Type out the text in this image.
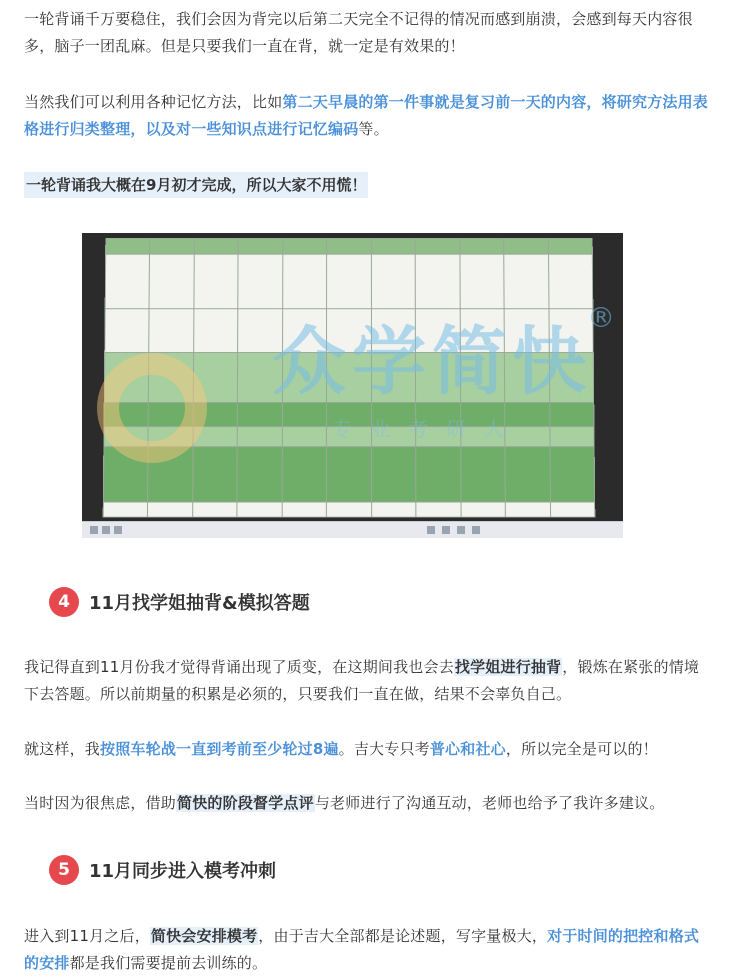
一轮背诵千万要稳住，我们会因为背完以后第二天完全不记得的情况而感到崩溃，会感到每天内容很多，脑子一团乱麻。但是只要我们一直在背，就一定是有效果的！

当然我们可以利用各种记忆方法，比如第二天早晨的第一件事就是复习前一天的内容，将研究方法用表格进行归类整理，以及对一些知识点进行记忆编码等。

一轮背诵我大概在9月初才完成，所以大家不用慌！

众学简快
®
专业考研人
4	11月找学姐抽背&模拟答题

我记得直到11月份我才觉得背诵出现了质变，在这期间我也会去找学姐进行抽背，锻炼在紧张的情境下去答题。所以前期量的积累是必须的，只要我们一直在做，结果不会辜负自己。

就这样，我按照车轮战一直到考前至少轮过8遍。吉大专只考普心和社心，所以完全是可以的！

当时因为很焦虑，借助简快的阶段督学点评与老师进行了沟通互动，老师也给予了我许多建议。

5	11月同步进入模考冲刺

进入到11月之后，简快会安排模考，由于吉大全部都是论述题，写字量极大，对于时间的把控和格式的安排都是我们需要提前去训练的。
